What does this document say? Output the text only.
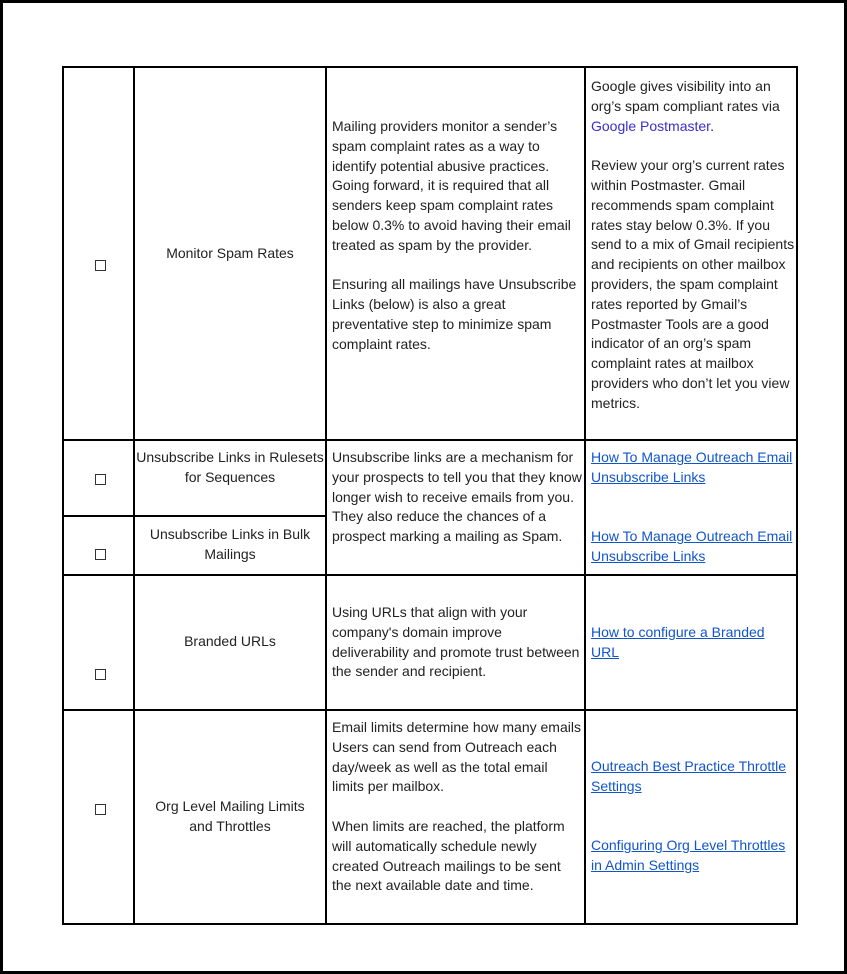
Monitor Spam Rates

Mailing providers monitor a sender’s spam complaint rates as a way to identify potential abusive practices. Going forward, it is required that all senders keep spam complaint rates below 0.3% to avoid having their email treated as spam by the provider.

Ensuring all mailings have Unsubscribe Links (below) is also a great preventative step to minimize spam complaint rates.

Google gives visibility into an org’s spam compliant rates via Google Postmaster.

Review your org’s current rates within Postmaster. Gmail recommends spam complaint rates stay below 0.3%. If you send to a mix of Gmail recipients and recipients on other mailbox providers, the spam complaint rates reported by Gmail’s Postmaster Tools are a good indicator of an org’s spam complaint rates at mailbox providers who don’t let you view metrics.

Unsubscribe Links in Rulesets
for Sequences
Unsubscribe Links in Bulk Mailings

Unsubscribe links are a mechanism for your prospects to tell you that they know longer wish to receive emails from you. They also reduce the chances of a prospect marking a mailing as Spam.

How To Manage Outreach Email Unsubscribe Links
How To Manage Outreach Email Unsubscribe Links
Branded URLs

Using URLs that align with your company's domain improve deliverability and promote trust between the sender and recipient.

How to configure a Branded URL
Org Level Mailing Limits and Throttles

Email limits determine how many emails Users can send from Outreach each day/week as well as the total email limits per mailbox.

When limits are reached, the platform will automatically schedule newly created Outreach mailings to be sent the next available date and time.

Outreach Best Practice Throttle Settings
Configuring Org Level Throttles in Admin Settings
